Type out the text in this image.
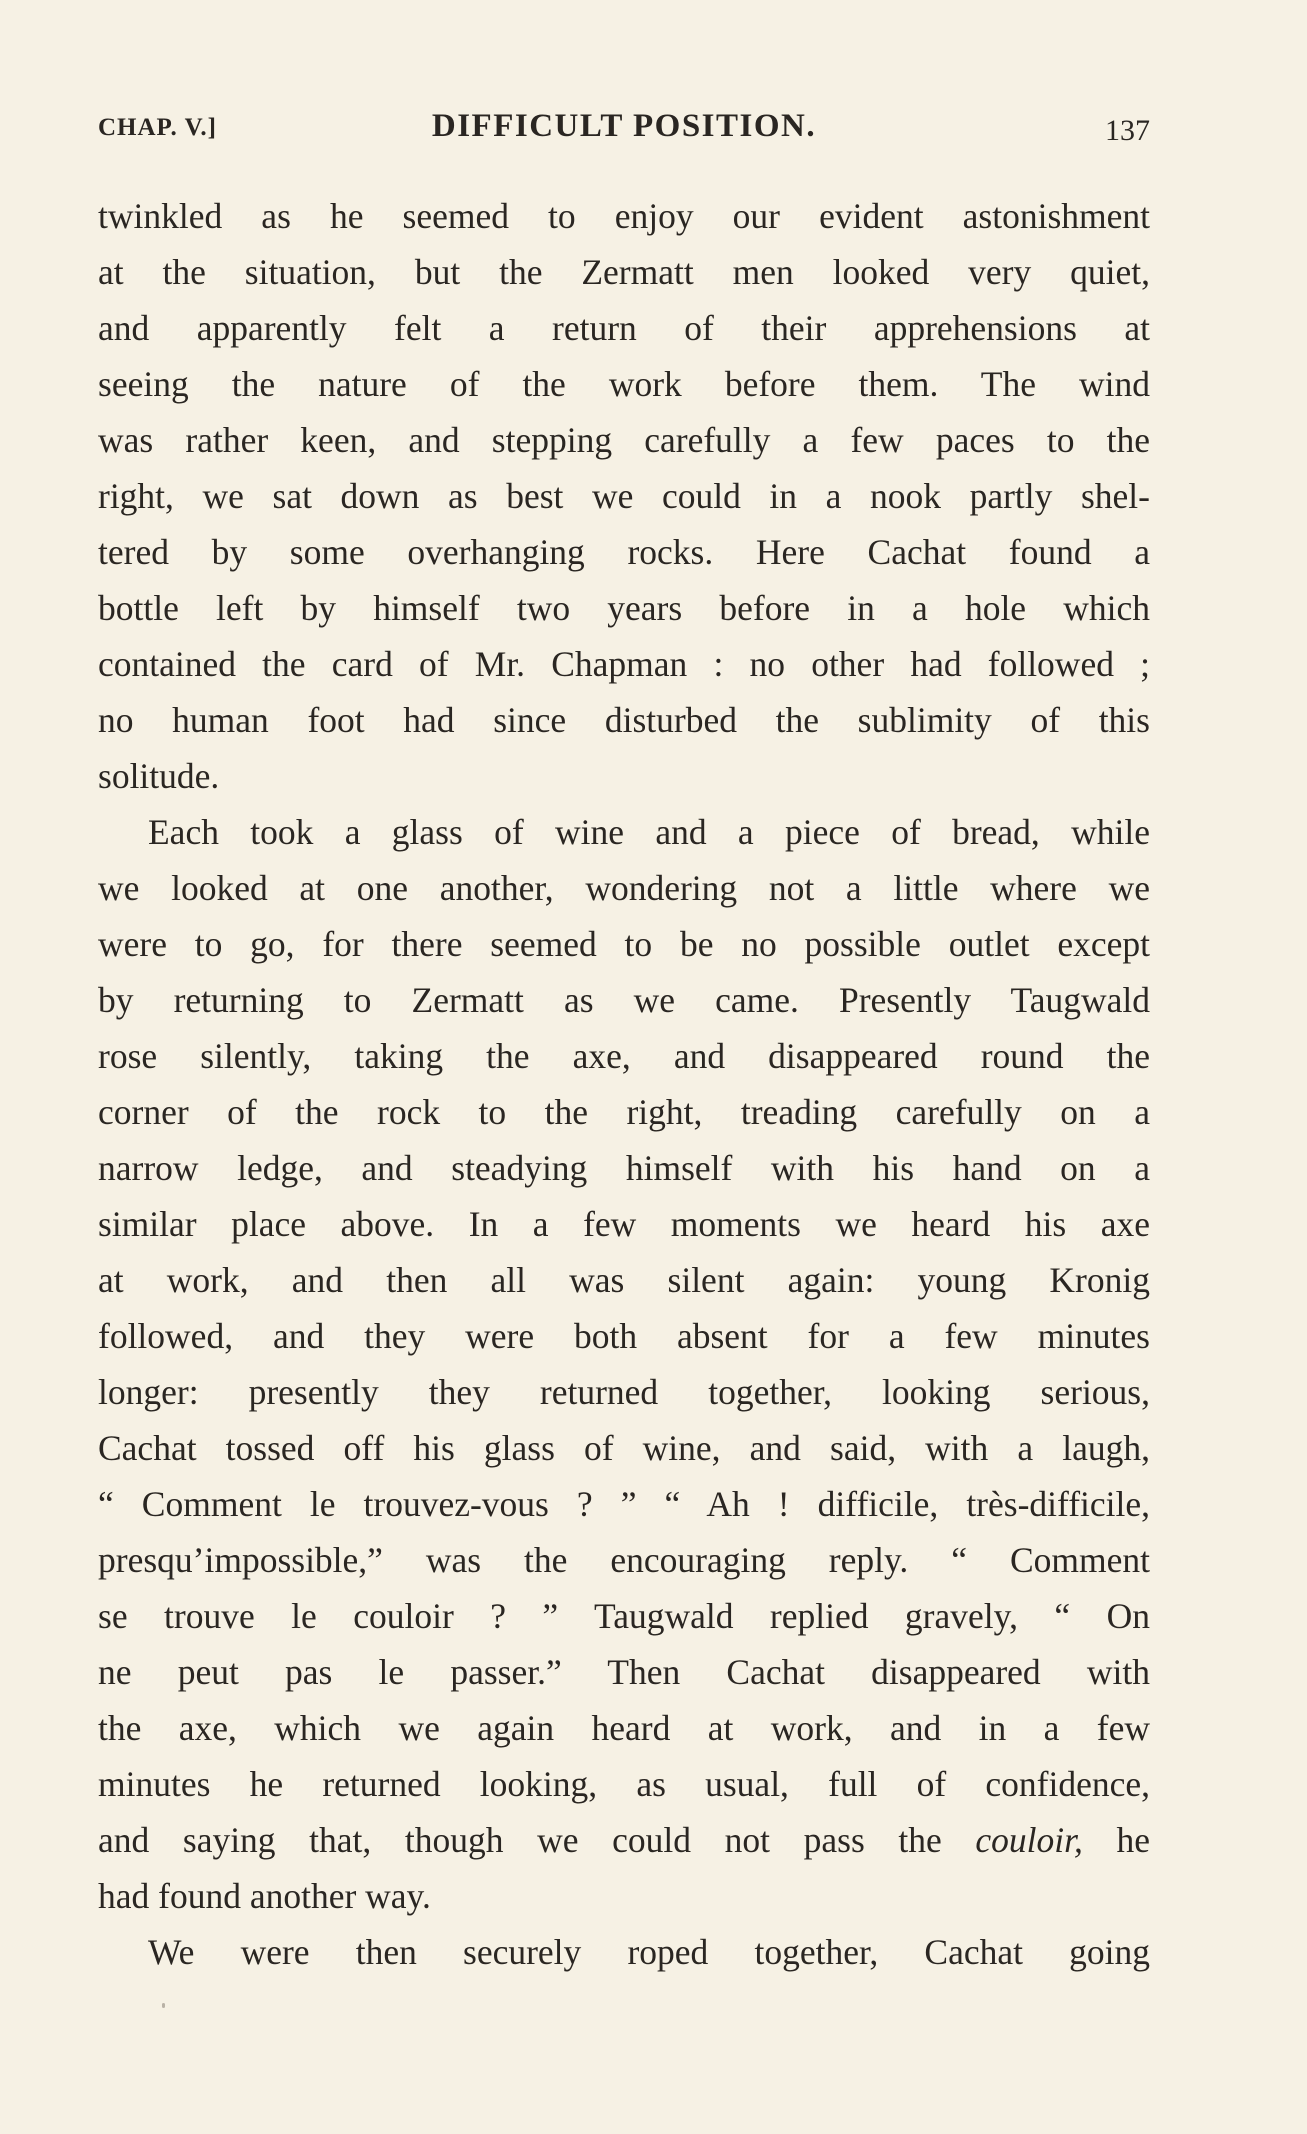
CHAP. V.]	DIFFICULT POSITION.	137
twinkled as he seemed to enjoy our evident astonishment
at the situation, but the Zermatt men looked very quiet,
and apparently felt a return of their apprehensions at
seeing the nature of the work before them. The wind
was rather keen, and stepping carefully a few paces to the
right, we sat down as best we could in a nook partly shel-
tered by some overhanging rocks. Here Cachat found a
bottle left by himself two years before in a hole which
contained the card of Mr. Chapman : no other had followed ;
no human foot had since disturbed the sublimity of this
solitude.
Each took a glass of wine and a piece of bread, while
we looked at one another, wondering not a little where we
were to go, for there seemed to be no possible outlet except
by returning to Zermatt as we came. Presently Taugwald
rose silently, taking the axe, and disappeared round the
corner of the rock to the right, treading carefully on a
narrow ledge, and steadying himself with his hand on a
similar place above. In a few moments we heard his axe
at work, and then all was silent again: young Kronig
followed, and they were both absent for a few minutes
longer: presently they returned together, looking serious,
Cachat tossed off his glass of wine, and said, with a laugh,
“ Comment le trouvez-vous ? ” “ Ah ! difficile, très-difficile,
presqu’impossible,” was the encouraging reply. “ Comment
se trouve le couloir ? ” Taugwald replied gravely, “ On
ne peut pas le passer.” Then Cachat disappeared with
the axe, which we again heard at work, and in a few
minutes he returned looking, as usual, full of confidence,
and saying that, though we could not pass the couloir, he
had found another way.
We were then securely roped together, Cachat going
